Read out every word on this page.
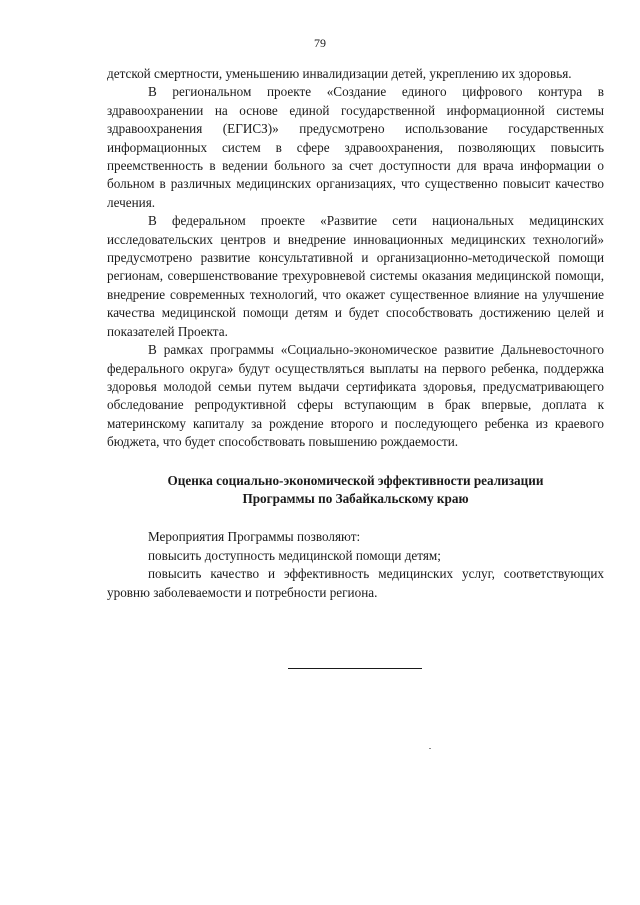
79

детской смертности, уменьшению инвалидизации детей, укреплению их здоровья.

В региональном проекте «Создание единого цифрового контура в здравоохранении на основе единой государственной информационной системы здравоохранения (ЕГИСЗ)» предусмотрено использование государственных информационных систем в сфере здравоохранения, позволяющих повысить преемственность в ведении больного за счет доступности для врача информации о больном в различных медицинских организациях, что существенно повысит качество лечения.

В федеральном проекте «Развитие сети национальных медицинских исследовательских центров и внедрение инновационных медицинских технологий» предусмотрено развитие консультативной и организационно-методической помощи регионам, совершенствование трехуровневой системы оказания медицинской помощи, внедрение современных технологий, что окажет существенное влияние на улучшение качества медицинской помощи детям и будет способствовать достижению целей и показателей Проекта.

В рамках программы «Социально-экономическое развитие Дальневосточного федерального округа» будут осуществляться выплаты на первого ребенка, поддержка здоровья молодой семьи путем выдачи сертификата здоровья, предусматривающего обследование репродуктивной сферы вступающим в брак впервые, доплата к материнскому капиталу за рождение второго и последующего ребенка из краевого бюджета, что будет способствовать повышению рождаемости.

Оценка социально-экономической эффективности реализации
Программы по Забайкальскому краю

Мероприятия Программы позволяют:

повысить доступность медицинской помощи детям;

повысить качество и эффективность медицинских услуг, соответствующих уровню заболеваемости и потребности региона.
